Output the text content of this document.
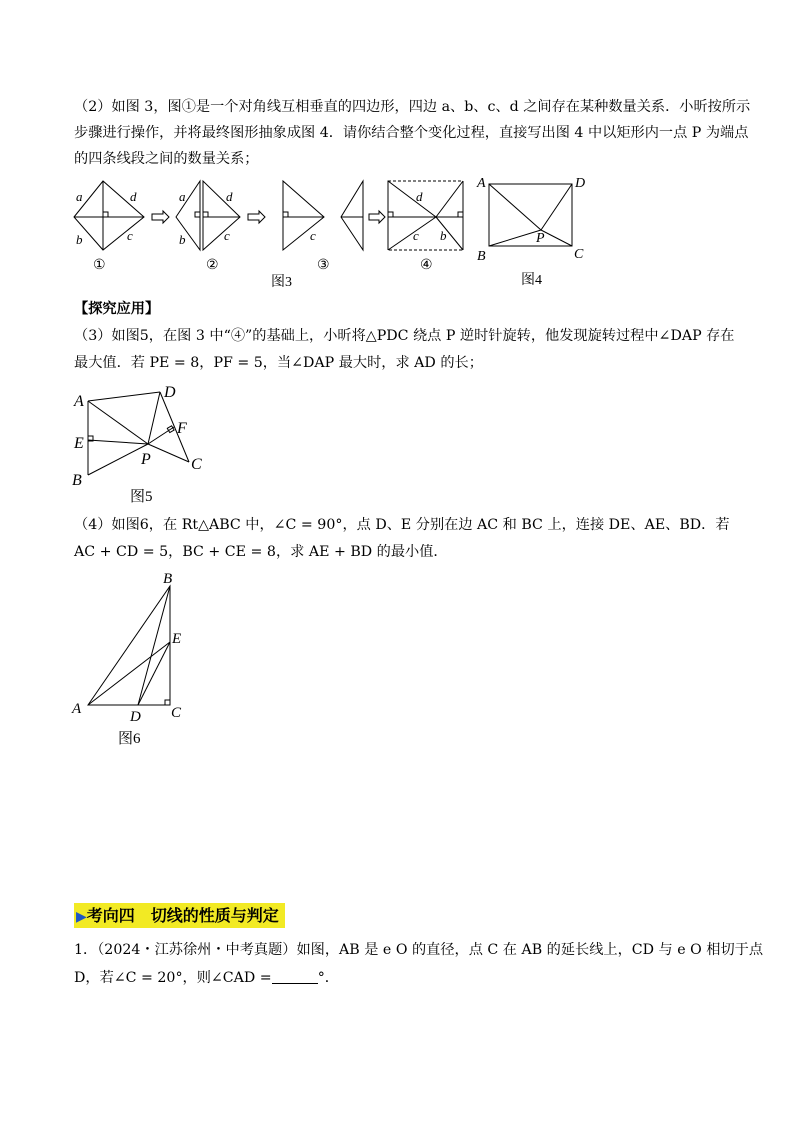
（2）如图 3，图①是一个对角线互相垂直的四边形，四边 a、b、c、d 之间存在某种数量关系．小昕按所示
步骤进行操作，并将最终图形抽象成图 4．请你结合整个变化过程，直接写出图 4 中以矩形内一点 P 为端点
的四条线段之间的数量关系；
a	d
b	c
a	d
b	c	c
d
c b
①	②	③	④
图3
A	D
B	C
P
图4
【探究应用】
（3）如图5，在图 3 中“④”的基础上，小昕将△PDC 绕点 P 逆时针旋转，他发现旋转过程中∠DAP 存在
最大值．若 PE = 8，PF = 5，当∠DAP 最大时，求 AD 的长；
A
D
E
F
P	C
B
图5
（4）如图6，在 Rt△ABC 中，∠C = 90°，点 D、E 分别在边 AC 和 BC 上，连接 DE、AE、BD．若
AC + CD = 5，BC + CE = 8，求 AE + BD 的最小值．
B
E
A	D C
图6
▶考向四　切线的性质与判定
1．（2024・江苏徐州・中考真题）如图，AB 是 e O 的直径，点 C 在 AB 的延长线上，CD 与 e O 相切于点
D，若∠C = 20°，则∠CAD =	°．
